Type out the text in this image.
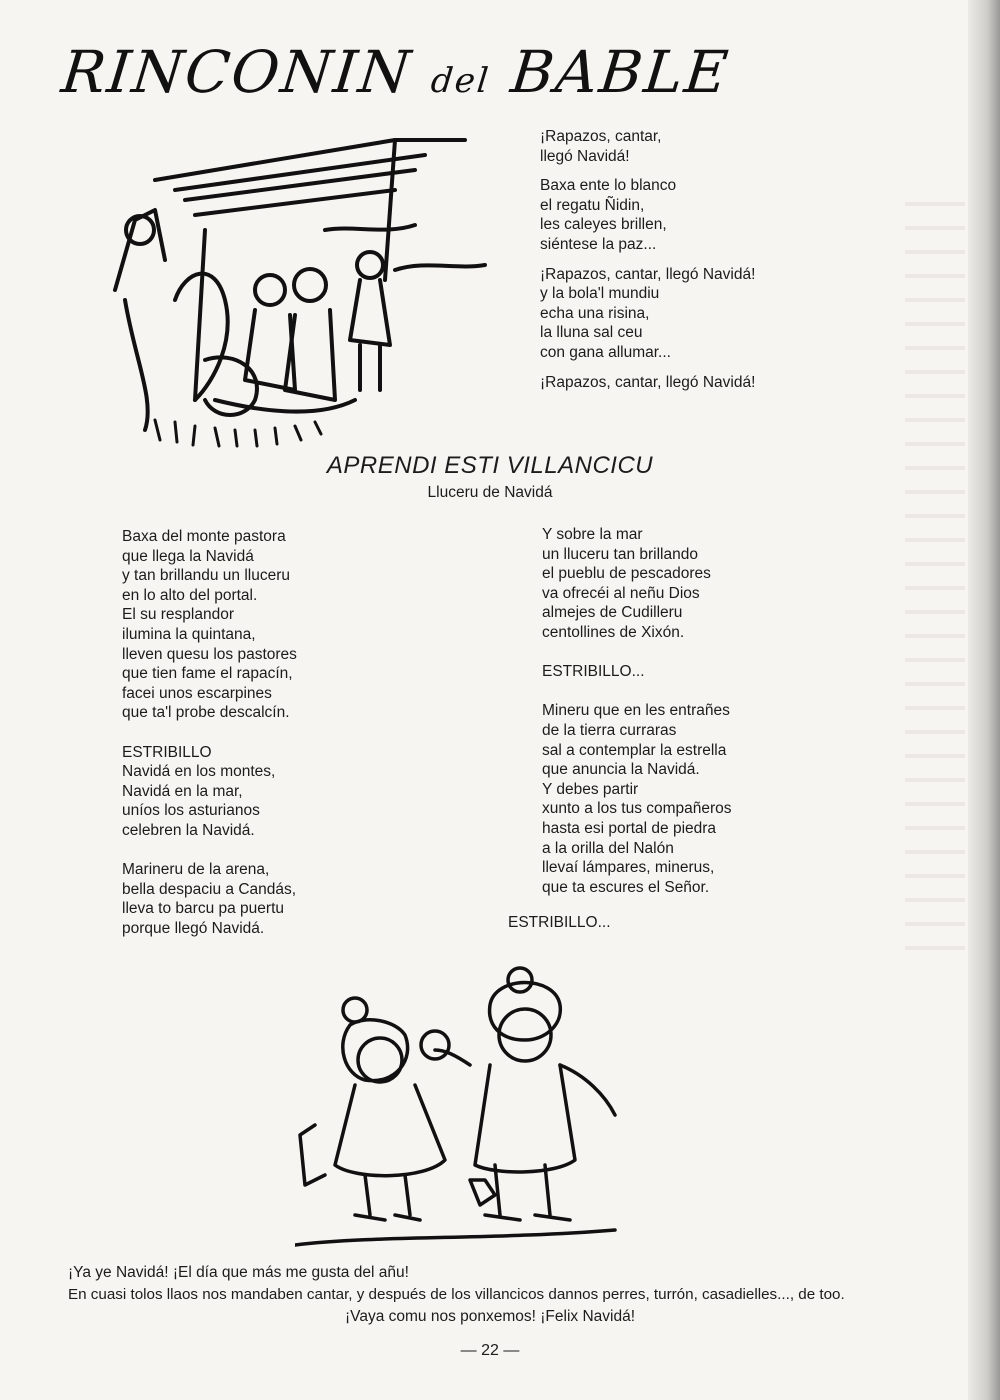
RINCONIN del BABLE
¡Rapazos, cantar,
llegó Navidá!
Baxa ente lo blanco
el regatu Ñidin,
les caleyes brillen,
siéntese la paz...
¡Rapazos, cantar, llegó Navidá!
y la bola'l mundiu
echa una risina,
la lluna sal ceu
con gana allumar...
¡Rapazos, cantar, llegó Navidá!
APRENDI ESTI VILLANCICU
Lluceru de Navidá
Baxa del monte pastora
que llega la Navidá
y tan brillandu un lluceru
en lo alto del portal.
El su resplandor
ilumina la quintana,
lleven quesu los pastores
que tien fame el rapacín,
facei unos escarpines
que ta'l probe descalcín.
ESTRIBILLO
Navidá en los montes,
Navidá en la mar,
uníos los asturianos
celebren la Navidá.
Marineru de la arena,
bella despaciu a Candás,
lleva to barcu pa puertu
porque llegó Navidá.
Y sobre la mar
un lluceru tan brillando
el pueblu de pescadores
va ofrecéi al neñu Dios
almejes de Cudilleru
centollines de Xixón.
ESTRIBILLO...
Mineru que en les entrañes
de la tierra curraras
sal a contemplar la estrella
que anuncia la Navidá.
Y debes partir
xunto a los tus compañeros
hasta esi portal de piedra
a la orilla del Nalón
llevaí lámpares, minerus,
que ta escures el Señor.
ESTRIBILLO...
¡Ya ye Navidá! ¡El día que más me gusta del añu!
En cuasi tolos llaos nos mandaben cantar, y después de los villancicos dannos perres, turrón, casadielles..., de too.
¡Vaya comu nos ponxemos! ¡Felix Navidá!
— 22 —
